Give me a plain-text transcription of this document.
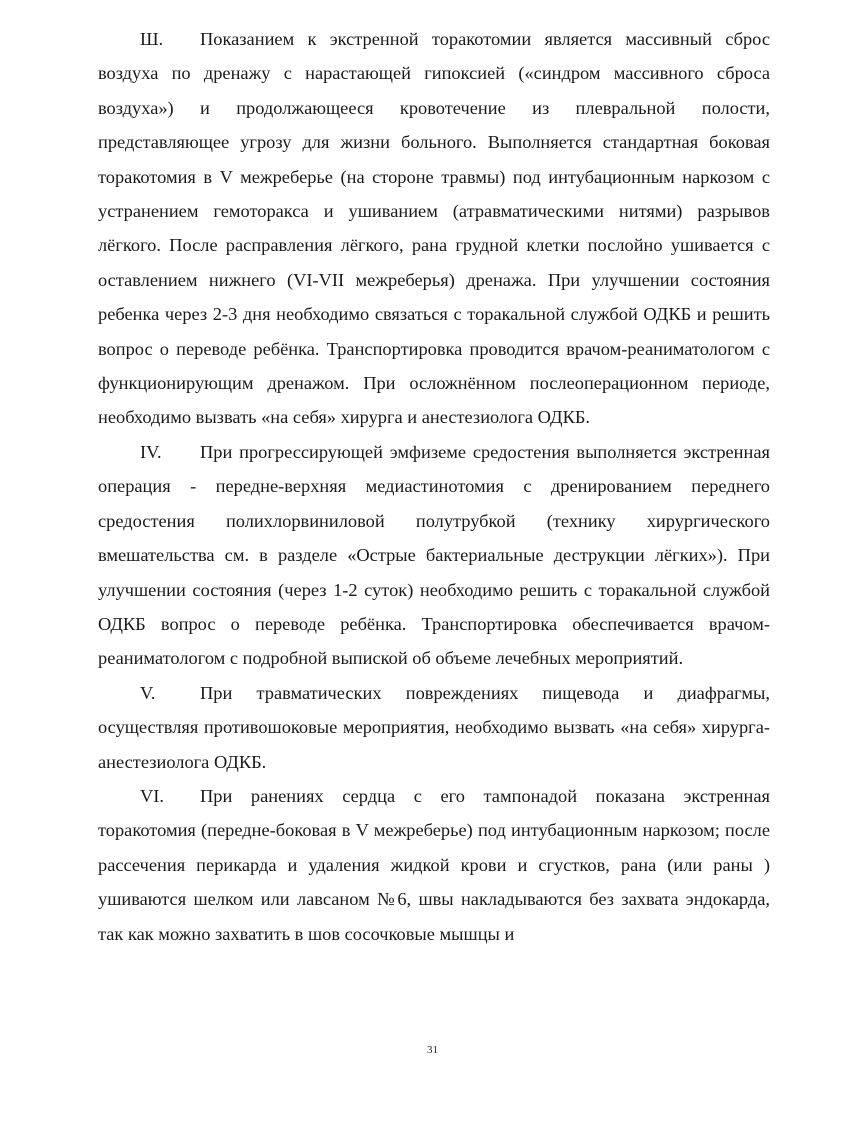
Ш. Показанием к экстренной торакотомии является массивный сброс воздуха по дренажу с нарастающей гипоксией («синдром массивного сброса воздуха») и продолжающееся кровотечение из плевральной полости, представляющее угрозу для жизни больного. Выполняется стандартная боковая торакотомия в V межреберье (на стороне травмы) под интубационным наркозом с устранением гемоторакса и ушиванием (атравматическими нитями) разрывов лёгкого. После расправления лёгкого, рана грудной клетки послойно ушивается с оставлением нижнего (VI-VII межреберья) дренажа. При улучшении состояния ребенка через 2-3 дня необходимо связаться с торакальной службой ОДКБ и решить вопрос о переводе ребёнка. Транспортировка проводится врачом-реаниматологом с функционирующим дренажом. При осложнённом послеоперационном периоде, необходимо вызвать «на себя» хирурга и анестезиолога ОДКБ.

IV. При прогрессирующей эмфиземе средостения выполняется экстренная операция - передне-верхняя медиастинотомия с дренированием переднего средостения полихлорвиниловой полутрубкой (технику хирургического вмешательства см. в разделе «Острые бактериальные деструкции лёгких»). При улучшении состояния (через 1-2 суток) необходимо решить с торакальной службой ОДКБ вопрос о переводе ребёнка. Транспортировка обеспечивается врачом-реаниматологом с подробной выпиской об объеме лечебных мероприятий.

V. При травматических повреждениях пищевода и диафрагмы, осуществляя противошоковые мероприятия, необходимо вызвать «на себя» хирурга-анестезиолога ОДКБ.

VI. При ранениях сердца с его тампонадой показана экстренная торакотомия (передне-боковая в V межреберье) под интубационным наркозом; после рассечения перикарда и удаления жидкой крови и сгустков, рана (или раны ) ушиваются шелком или лавсаном №6, швы накладываются без захвата эндокарда, так как можно захватить в шов сосочковые мышцы и

31
